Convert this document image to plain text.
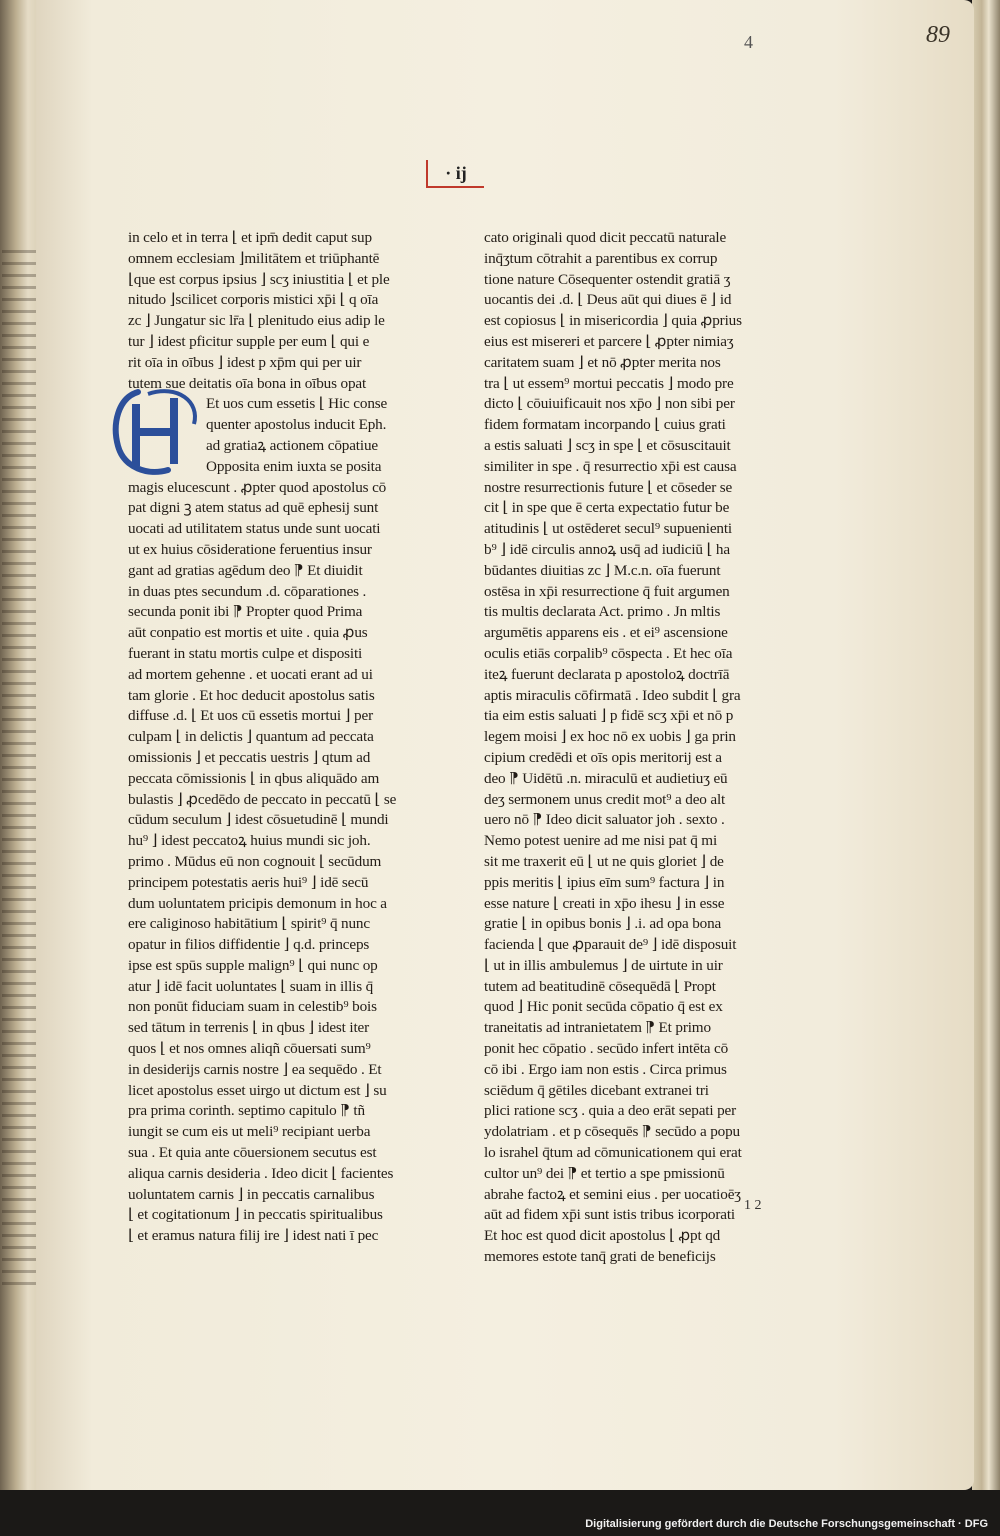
89
4
· ij
in celo et in terra ⌊ et ipm̄ dedit caput sup
omnem ecclesiam ⌋militātem et triūphantē
⌊que est corpus ipsius ⌋ scʒ iniustitia ⌊ et ple
nitudo ⌋scilicet corporis mistici xp̄i ⌊ q oīa
zc ⌋ Jungatur sic lr̄a ⌊ plenitudo eius adip le
tur ⌋ idest pficitur supple per eum ⌊ qui e
rit oīa in oībus ⌋ idest p xp̄m qui per uir
tutem sue deitatis oīa bona in oībus opat
Et uos cum essetis ⌊ Hic conse
quenter apostolus inducit Eph.
ad gratiaꝝ actionem cōpatiue
Opposita enim iuxta se posita
magis elucescunt . ꝓpter quod apostolus cō
pat digni ꝫ atem status ad quē ephesij sunt
uocati ad utilitatem status unde sunt uocati
ut ex huius cōsideratione feruentius insur
gant ad gratias agēdum deo ⁋ Et diuidit
in duas ptes secundum .d. cōparationes .
secunda ponit ibi ⁋ Propter quod Prima
aūt conpatio est mortis et uite . quia ꝓus
fuerant in statu mortis culpe et dispositi
ad mortem gehenne . et uocati erant ad ui
tam glorie . Et hoc deducit apostolus satis
diffuse .d. ⌊ Et uos cū essetis mortui ⌋ per
culpam ⌊ in delictis ⌋ quantum ad peccata
omissionis ⌋ et peccatis uestris ⌋ qtum ad
peccata cōmissionis ⌊ in qbus aliquādo am
bulastis ⌋ ꝓcedēdo de peccato in peccatū ⌊ se
cūdum seculum ⌋ idest cōsuetudinē ⌊ mundi
hu⁹ ⌋ idest peccatoꝝ huius mundi sic joh.
primo . Mūdus eū non cognouit ⌊ secūdum
principem potestatis aeris hui⁹ ⌋ idē secū
dum uoluntatem pricipis demonum in hoc a
ere caliginoso habitātium ⌊ spirit⁹ q̄ nunc
opatur in filios diffidentie ⌋ q.d. princeps
ipse est spūs supple malign⁹ ⌊ qui nunc op
atur ⌋ idē facit uoluntates ⌊ suam in illis q̄
non ponūt fiduciam suam in celestib⁹ bois
sed tātum in terrenis ⌊ in qbus ⌋ idest iter
quos ⌊ et nos omnes aliqñ cōuersati sum⁹
in desiderijs carnis nostre ⌋ ea sequēdo . Et
licet apostolus esset uirgo ut dictum est ⌋ su
pra prima corinth. septimo capitulo ⁋ tñ
iungit se cum eis ut meli⁹ recipiant uerba
sua . Et quia ante cōuersionem secutus est
aliqua carnis desideria . Ideo dicit ⌊ facientes
uoluntatem carnis ⌋ in peccatis carnalibus
⌊ et cogitationum ⌋ in peccatis spiritualibus
⌊ et eramus natura filij ire ⌋ idest nati ī pec
cato originali quod dicit peccatū naturale
inq̄ʒtum cōtrahit a parentibus ex corrup
tione nature Cōsequenter ostendit gratiā ʒ
uocantis dei .d. ⌊ Deus aūt qui diues ē ⌋ id
est copiosus ⌊ in misericordia ⌋ quia ꝓprius
eius est misereri et parcere ⌊ ꝓpter nimiaʒ
caritatem suam ⌋ et nō ꝓpter merita nos
tra ⌊ ut essem⁹ mortui peccatis ⌋ modo pre
dicto ⌊ cōuiuificauit nos xp̄o ⌋ non sibi per
fidem formatam incorpando ⌊ cuius grati
a estis saluati ⌋ scʒ in spe ⌊ et cōsuscitauit
similiter in spe . q̄ resurrectio xp̄i est causa
nostre resurrectionis future ⌊ et cōseder se
cit ⌊ in spe que ē certa expectatio futur be
atitudinis ⌊ ut ostēderet secul⁹ supuenienti
b⁹ ⌋ idē circulis annoꝝ usq̄ ad iudiciū ⌊ ha
būdantes diuitias zc ⌋ M.c.n. oīa fuerunt
ostēsa in xp̄i resurrectione q̄ fuit argumen
tis multis declarata Act. primo . Jn mltis
argumētis apparens eis . et ei⁹ ascensione
oculis etiās corpalib⁹ cōspecta . Et hec oīa
iteꝝ fuerunt declarata p apostoloꝝ doctrīā
aptis miraculis cōfirmatā . Ideo subdit ⌊ gra
tia eim estis saluati ⌋ p fidē scʒ xp̄i et nō p
legem moisi ⌋ ex hoc nō ex uobis ⌋ ga prin
cipium credēdi et oīs opis meritorij est a
deo ⁋ Uidētū .n. miraculū et audietiuʒ eū
deʒ sermonem unus credit mot⁹ a deo alt
uero nō ⁋ Ideo dicit saluator joh . sexto .
Nemo potest uenire ad me nisi pat q̄ mi
sit me traxerit eū ⌊ ut ne quis gloriet ⌋ de
ppis meritis ⌊ ipius eīm sum⁹ factura ⌋ in
esse nature ⌊ creati in xp̄o ihesu ⌋ in esse
gratie ⌊ in opibus bonis ⌋ .i. ad opa bona
facienda ⌊ que ꝓparauit de⁹ ⌋ idē disposuit
⌊ ut in illis ambulemus ⌋ de uirtute in uir
tutem ad beatitudinē cōsequēdā ⌊ Propt
quod ⌋ Hic ponit secūda cōpatio q̄ est ex
traneitatis ad intranietatem ⁋ Et primo
ponit hec cōpatio . secūdo infert intēta cō
cō ibi . Ergo iam non estis . Circa primus
sciēdum q̄ gētiles dicebant extranei tri
plici ratione scʒ . quia a deo erāt sepati per
ydolatriam . et p cōsequēs ⁋ secūdo a popu
lo israhel q̄tum ad cōmunicationem qui erat
cultor un⁹ dei ⁋ et tertio a spe pmissionū
abrahe factoꝝ et semini eius . per uocatioēʒ
aūt ad fidem xp̄i sunt istis tribus icorporati
Et hoc est quod dicit apostolus ⌊ ꝓpt qd
memores estote tanq̄ grati de beneficijs
1 2
Digitalisierung gefördert durch die Deutsche Forschungsgemeinschaft · DFG
